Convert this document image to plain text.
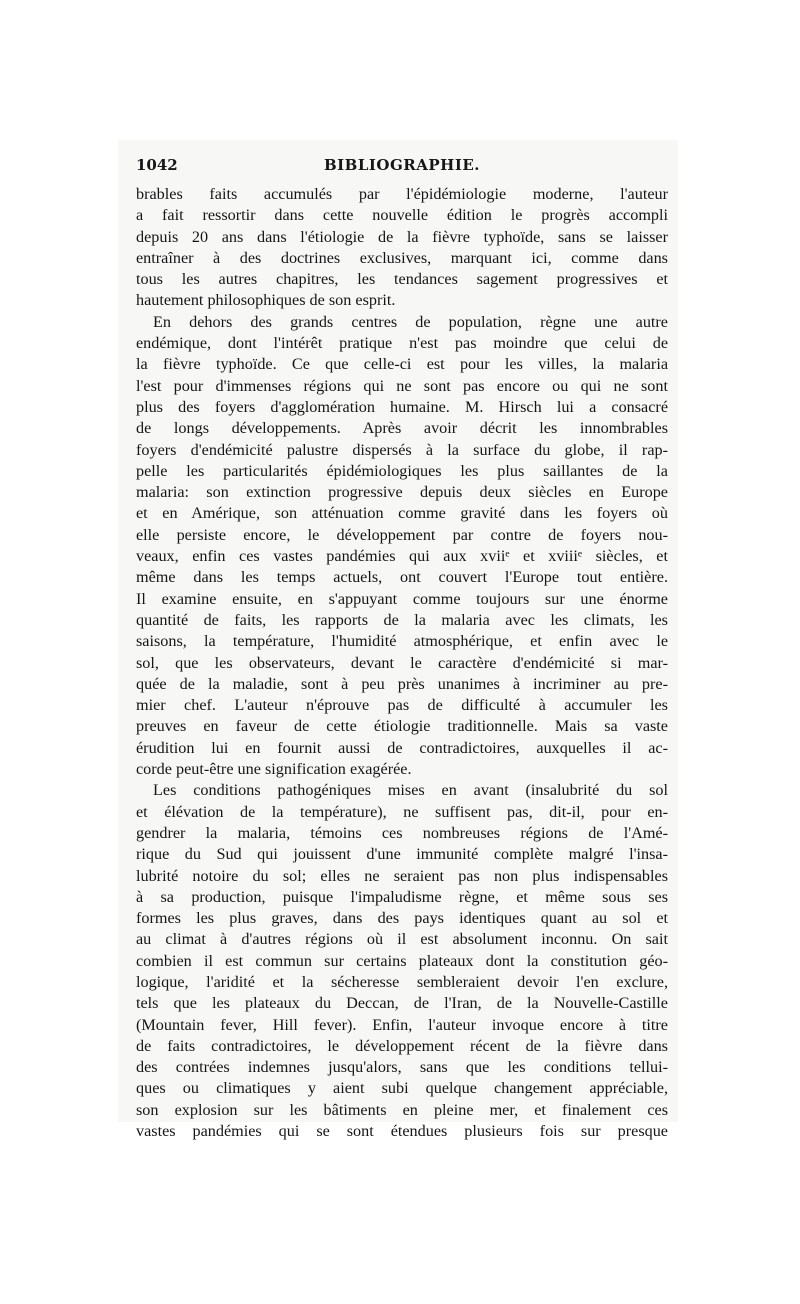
1042	BIBLIOGRAPHIE.
brables faits accumulés par l'épidémiologie moderne, l'auteur
a fait ressortir dans cette nouvelle édition le progrès accompli
depuis 20 ans dans l'étiologie de la fièvre typhoïde, sans se laisser
entraîner à des doctrines exclusives, marquant ici, comme dans
tous les autres chapitres, les tendances sagement progressives et
hautement philosophiques de son esprit.
En dehors des grands centres de population, règne une autre
endémique, dont l'intérêt pratique n'est pas moindre que celui de
la fièvre typhoïde. Ce que celle-ci est pour les villes, la malaria
l'est pour d'immenses régions qui ne sont pas encore ou qui ne sont
plus des foyers d'agglomération humaine. M. Hirsch lui a consacré
de longs développements. Après avoir décrit les innombrables
foyers d'endémicité palustre dispersés à la surface du globe, il rap-
pelle les particularités épidémiologiques les plus saillantes de la
malaria: son extinction progressive depuis deux siècles en Europe
et en Amérique, son atténuation comme gravité dans les foyers où
elle persiste encore, le développement par contre de foyers nou-
veaux, enfin ces vastes pandémies qui aux xviiᵉ et xviiiᵉ siècles, et
même dans les temps actuels, ont couvert l'Europe tout entière.
Il examine ensuite, en s'appuyant comme toujours sur une énorme
quantité de faits, les rapports de la malaria avec les climats, les
saisons, la température, l'humidité atmosphérique, et enfin avec le
sol, que les observateurs, devant le caractère d'endémicité si mar-
quée de la maladie, sont à peu près unanimes à incriminer au pre-
mier chef. L'auteur n'éprouve pas de difficulté à accumuler les
preuves en faveur de cette étiologie traditionnelle. Mais sa vaste
érudition lui en fournit aussi de contradictoires, auxquelles il ac-
corde peut-être une signification exagérée.
Les conditions pathogéniques mises en avant (insalubrité du sol
et élévation de la température), ne suffisent pas, dit-il, pour en-
gendrer la malaria, témoins ces nombreuses régions de l'Amé-
rique du Sud qui jouissent d'une immunité complète malgré l'insa-
lubrité notoire du sol; elles ne seraient pas non plus indispensables
à sa production, puisque l'impaludisme règne, et même sous ses
formes les plus graves, dans des pays identiques quant au sol et
au climat à d'autres régions où il est absolument inconnu. On sait
combien il est commun sur certains plateaux dont la constitution géo-
logique, l'aridité et la sécheresse sembleraient devoir l'en exclure,
tels que les plateaux du Deccan, de l'Iran, de la Nouvelle-Castille
(Mountain fever, Hill fever). Enfin, l'auteur invoque encore à titre
de faits contradictoires, le développement récent de la fièvre dans
des contrées indemnes jusqu'alors, sans que les conditions tellui-
ques ou climatiques y aient subi quelque changement appréciable,
son explosion sur les bâtiments en pleine mer, et finalement ces
vastes pandémies qui se sont étendues plusieurs fois sur presque
